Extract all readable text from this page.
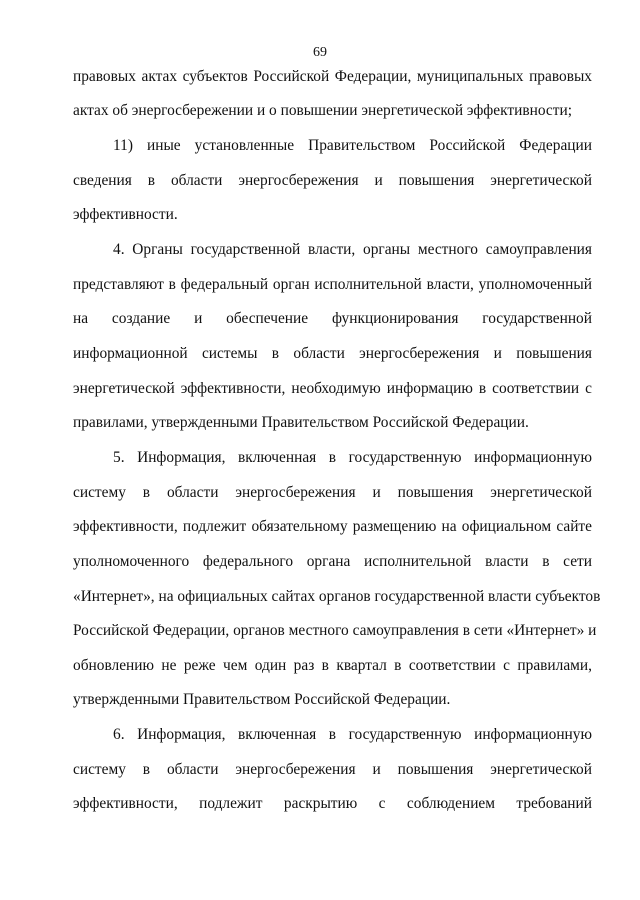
69
правовых актах субъектов Российской Федерации, муниципальных правовых
актах об энергосбережении и о повышении энергетической эффективности;
11) иные установленные Правительством Российской Федерации
сведения в области энергосбережения и повышения энергетической
эффективности.
4. Органы государственной власти, органы местного самоуправления
представляют в федеральный орган исполнительной власти, уполномоченный
на создание и обеспечение функционирования государственной
информационной системы в области энергосбережения и повышения
энергетической эффективности, необходимую информацию в соответствии с
правилами, утвержденными Правительством Российской Федерации.
5. Информация, включенная в государственную информационную
систему в области энергосбережения и повышения энергетической
эффективности, подлежит обязательному размещению на официальном сайте
уполномоченного федерального органа исполнительной власти в сети
«Интернет», на официальных сайтах органов государственной власти субъектов
Российской Федерации, органов местного самоуправления в сети «Интернет» и
обновлению не реже чем один раз в квартал в соответствии с правилами,
утвержденными Правительством Российской Федерации.
6. Информация, включенная в государственную информационную
систему в области энергосбережения и повышения энергетической
эффективности, подлежит раскрытию с соблюдением требований
